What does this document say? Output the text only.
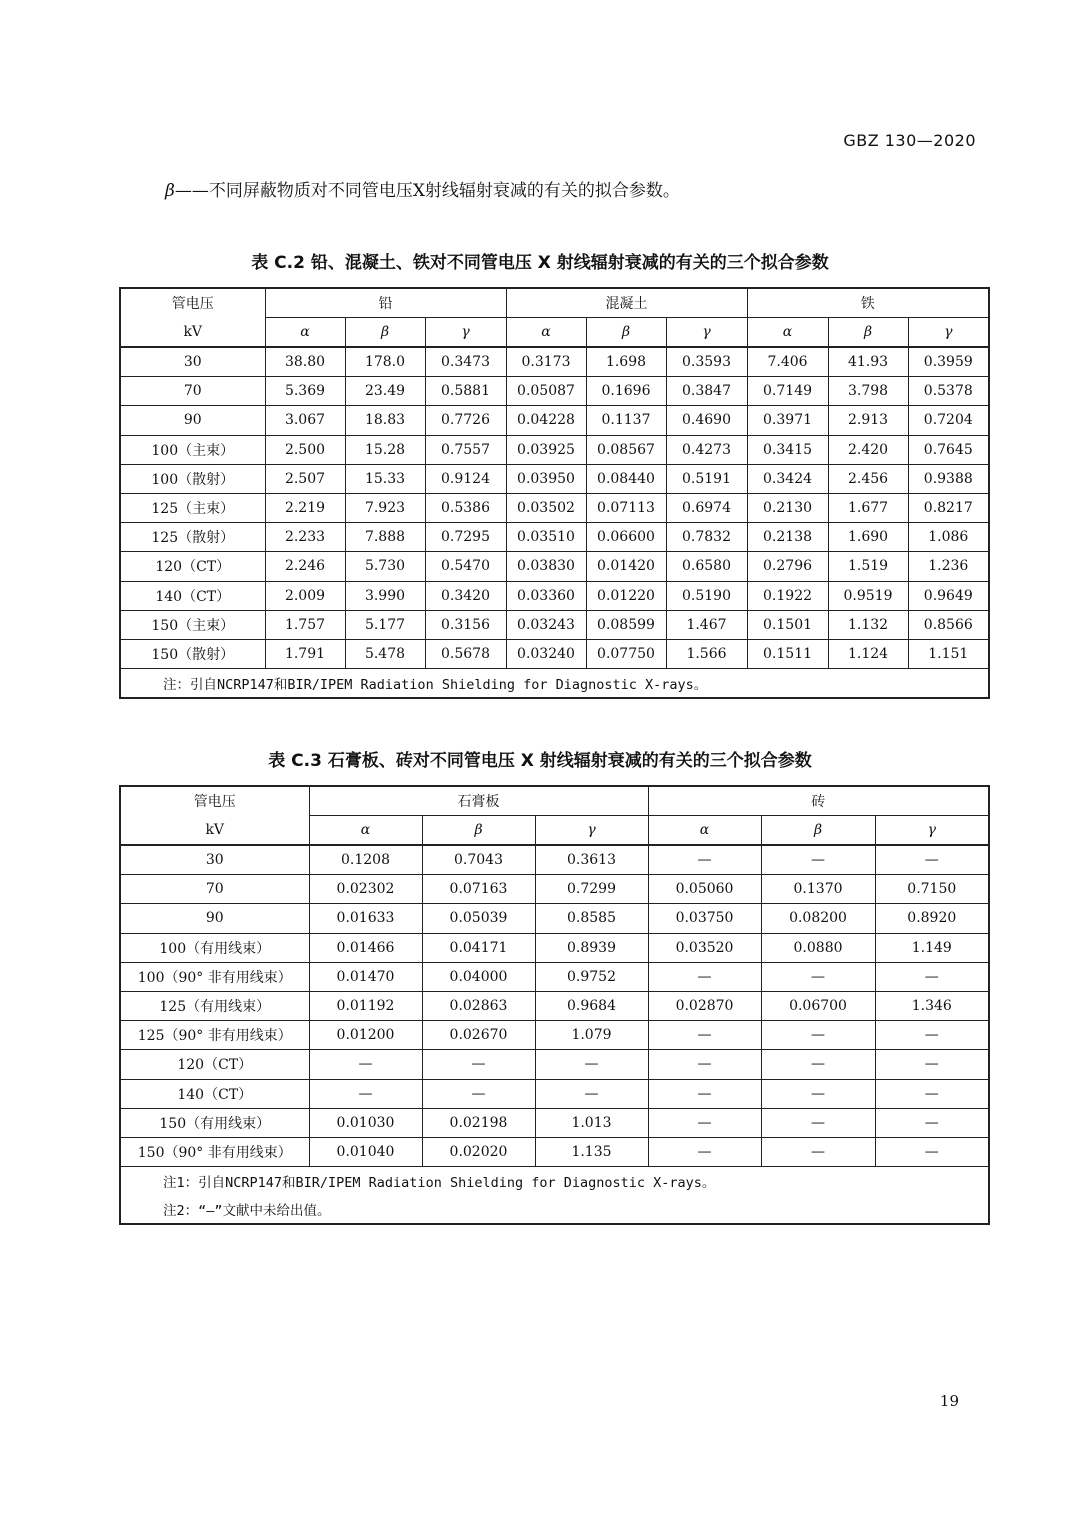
GBZ 130—2020
β——不同屏蔽物质对不同管电压X射线辐射衰减的有关的拟合参数。
表 C.2 铅、混凝土、铁对不同管电压 X 射线辐射衰减的有关的三个拟合参数
管电压	铅			混凝土			铁		
kV	α	β	γ	α	β	γ	α	β	γ
30	38.80	178.0	0.3473	0.3173	1.698	0.3593	7.406	41.93	0.3959
70	5.369	23.49	0.5881	0.05087	0.1696	0.3847	0.7149	3.798	0.5378
90	3.067	18.83	0.7726	0.04228	0.1137	0.4690	0.3971	2.913	0.7204
100（主束）	2.500	15.28	0.7557	0.03925	0.08567	0.4273	0.3415	2.420	0.7645
100（散射）	2.507	15.33	0.9124	0.03950	0.08440	0.5191	0.3424	2.456	0.9388
125（主束）	2.219	7.923	0.5386	0.03502	0.07113	0.6974	0.2130	1.677	0.8217
125（散射）	2.233	7.888	0.7295	0.03510	0.06600	0.7832	0.2138	1.690	1.086
120（CT）	2.246	5.730	0.5470	0.03830	0.01420	0.6580	0.2796	1.519	1.236
140（CT）	2.009	3.990	0.3420	0.03360	0.01220	0.5190	0.1922	0.9519	0.9649
150（主束）	1.757	5.177	0.3156	0.03243	0.08599	1.467	0.1501	1.132	0.8566
150（散射）	1.791	5.478	0.5678	0.03240	0.07750	1.566	0.1511	1.124	1.151
注：引自NCRP147和BIR/IPEM Radiation Shielding for Diagnostic X-rays。									
表 C.3 石膏板、砖对不同管电压 X 射线辐射衰减的有关的三个拟合参数
管电压	石膏板			砖		
kV	α	β	γ	α	β	γ
30	0.1208	0.7043	0.3613	—	—	—
70	0.02302	0.07163	0.7299	0.05060	0.1370	0.7150
90	0.01633	0.05039	0.8585	0.03750	0.08200	0.8920
100（有用线束）	0.01466	0.04171	0.8939	0.03520	0.0880	1.149
100（90° 非有用线束）	0.01470	0.04000	0.9752	—	—	—
125（有用线束）	0.01192	0.02863	0.9684	0.02870	0.06700	1.346
125（90° 非有用线束）	0.01200	0.02670	1.079	—	—	—
120（CT）	—	—	—	—	—	—
140（CT）	—	—	—	—	—	—
150（有用线束）	0.01030	0.02198	1.013	—	—	—
150（90° 非有用线束）	0.01040	0.02020	1.135	—	—	—
注1：引自NCRP147和BIR/IPEM Radiation Shielding for Diagnostic X-rays。						
注2：“—”文献中未给出值。						
19
